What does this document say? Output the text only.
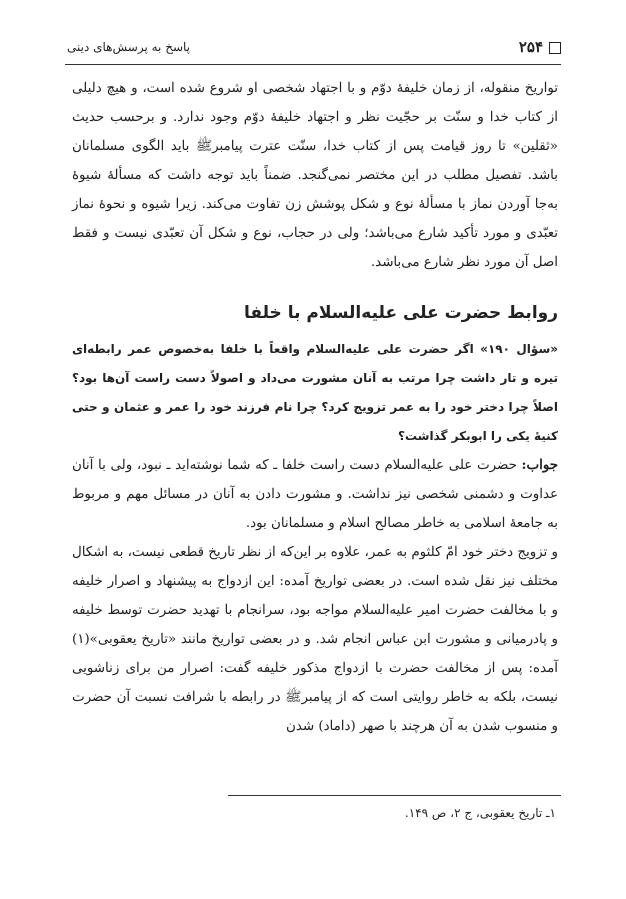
۲۵۴
پاسخ به پرسش‌های دینی

تواریخ منقوله، از زمان خلیفهٔ دوّم و با اجتهاد شخصی او شروع شده است، و هیچ دلیلی از کتاب خدا و سنّت بر حجّیت نظر و اجتهاد خلیفهٔ دوّم وجود ندارد. و برحسب حدیث «ثقلین» تا روز قیامت پس از کتاب خدا، سنّت عترت پیامبرﷺ باید الگوی مسلمانان باشد. تفصیل مطلب در این مختصر نمی‌گنجد. ضمناً باید توجه داشت که مسألهٔ شیوهٔ به‌جا آوردن نماز با مسألهٔ نوع و شکل پوشش زن تفاوت می‌کند. زیرا شیوه و نحوهٔ نماز تعبّدی و مورد تأکید شارع می‌باشد؛ ولی در حجاب، نوع و شکل آن تعبّدی نیست و فقط اصل آن مورد نظر شارع می‌باشد.

روابط حضرت علی علیه‌السلام با خلفا

«سؤال ۱۹۰» اگر حضرت علی علیه‌السلام واقعاً با خلفا به‌خصوص عمر رابطه‌ای تیره و تار داشت چرا مرتب به آنان مشورت می‌داد و اصولاً دست راست آن‌ها بود؟ اصلاً چرا دختر خود را به عمر تزویج کرد؟ چرا نام فرزند خود را عمر و عثمان و حتی کنیهٔ یکی را ابوبکر گذاشت؟

جواب: حضرت علی علیه‌السلام دست راست خلفا ـ که شما نوشته‌اید ـ نبود، ولی با آنان عداوت و دشمنی شخصی نیز نداشت. و مشورت دادن به آنان در مسائل مهم و مربوط به جامعهٔ اسلامی به خاطر مصالح اسلام و مسلمانان بود.

و تزویج دختر خود امّ کلثوم به عمر، علاوه بر این‌که از نظر تاریخ قطعی نیست، به اشکال مختلف نیز نقل شده است. در بعضی تواریخ آمده: این ازدواج به پیشنهاد و اصرار خلیفه و با مخالفت حضرت امیر علیه‌السلام مواجه بود، سرانجام با تهدید حضرت توسط خلیفه و پادرمیانی و مشورت ابن عباس انجام شد. و در بعضی تواریخ مانند «تاریخ یعقوبی»(۱) آمده: پس از مخالفت حضرت با ازدواج مذکور خلیفه گفت: اصرار من برای زناشویی نیست، بلکه به خاطر روایتی است که از پیامبرﷺ در رابطه با شرافت نسبت آن حضرت و منسوب شدن به آن هرچند با صهر (داماد) شدن

۱ـ تاریخ یعقوبی، ج ۲، ص ۱۴۹.
